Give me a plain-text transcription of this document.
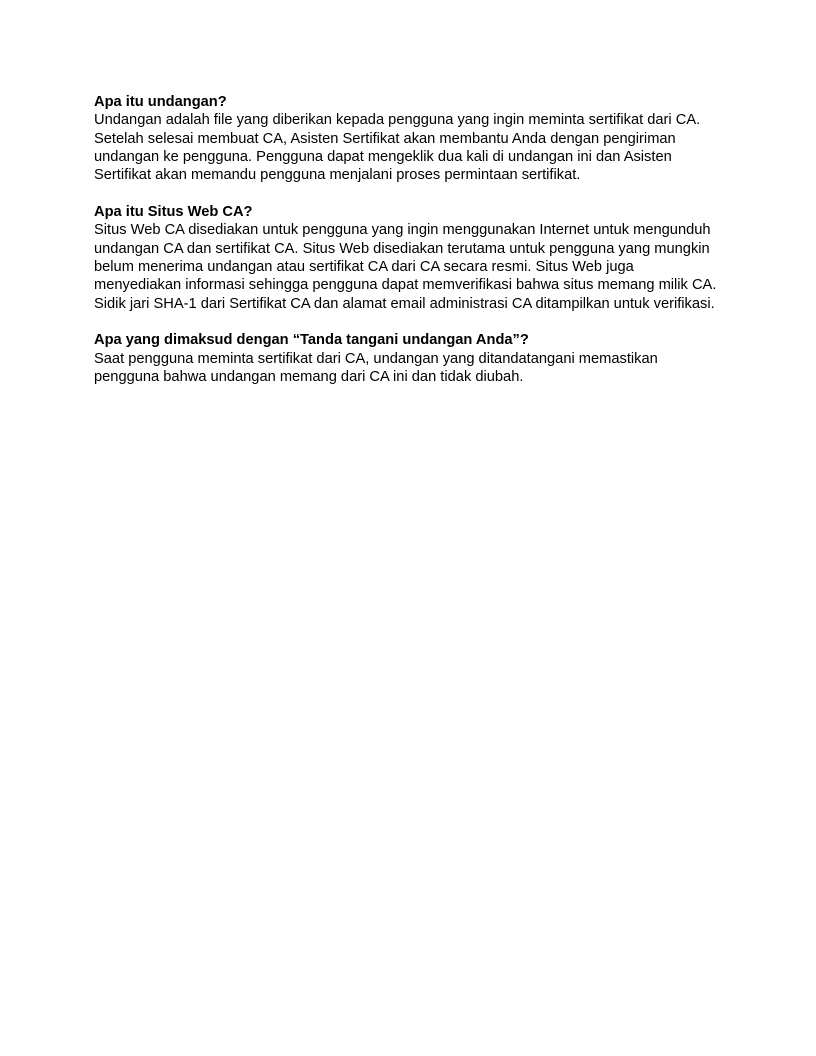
Apa itu undangan?
Undangan adalah file yang diberikan kepada pengguna yang ingin meminta sertifikat dari CA. Setelah selesai membuat CA, Asisten Sertifikat akan membantu Anda dengan pengiriman undangan ke pengguna. Pengguna dapat mengeklik dua kali di undangan ini dan Asisten Sertifikat akan memandu pengguna menjalani proses permintaan sertifikat.
Apa itu Situs Web CA?
Situs Web CA disediakan untuk pengguna yang ingin menggunakan Internet untuk mengunduh undangan CA dan sertifikat CA. Situs Web disediakan terutama untuk pengguna yang mungkin belum menerima undangan atau sertifikat CA dari CA secara resmi. Situs Web juga menyediakan informasi sehingga pengguna dapat memverifikasi bahwa situs memang milik CA. Sidik jari SHA-1 dari Sertifikat CA dan alamat email administrasi CA ditampilkan untuk verifikasi.
Apa yang dimaksud dengan “Tanda tangani undangan Anda”?
Saat pengguna meminta sertifikat dari CA, undangan yang ditandatangani memastikan pengguna bahwa undangan memang dari CA ini dan tidak diubah.
